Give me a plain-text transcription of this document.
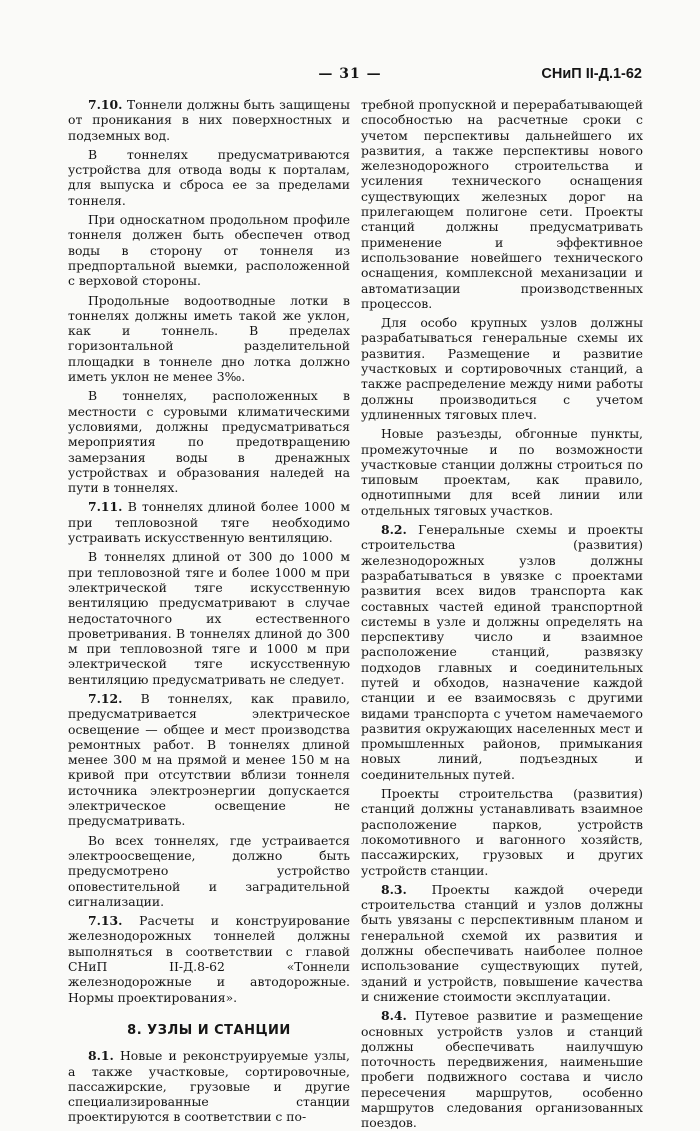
— 31 —	СНиП II-Д.1-62

7.10. Тоннели должны быть защищены от проникания в них поверхностных и подземных вод.

В тоннелях предусматриваются устройства для отвода воды к порталам, для выпуска и сброса ее за пределами тоннеля.

При односкатном продольном профиле тоннеля должен быть обеспечен отвод воды в сторону от тоннеля из предпортальной выемки, расположенной с верховой стороны.

Продольные водоотводные лотки в тоннелях должны иметь такой же уклон, как и тоннель. В пределах горизонтальной разделительной площадки в тоннеле дно лотка должно иметь уклон не менее 3‰.

В тоннелях, расположенных в местности с суровыми климатическими условиями, должны предусматриваться мероприятия по предотвращению замерзания воды в дренажных устройствах и образования наледей на пути в тоннелях.

7.11. В тоннелях длиной более 1000 м при тепловозной тяге необходимо устраивать искусственную вентиляцию.

В тоннелях длиной от 300 до 1000 м при тепловозной тяге и более 1000 м при электрической тяге искусственную вентиляцию предусматривают в случае недостаточного их естественного проветривания. В тоннелях длиной до 300 м при тепловозной тяге и 1000 м при электрической тяге искусственную вентиляцию предусматривать не следует.

7.12. В тоннелях, как правило, предусматривается электрическое освещение — общее и мест производства ремонтных работ. В тоннелях длиной менее 300 м на прямой и менее 150 м на кривой при отсутствии вблизи тоннеля источника электроэнергии допускается электрическое освещение не предусматривать.

Во всех тоннелях, где устраивается электроосвещение, должно быть предусмотрено устройство оповестительной и заградительной сигнализации.

7.13. Расчеты и конструирование железнодорожных тоннелей должны выполняться в соответствии с главой СНиП II-Д.8-62 «Тоннели железнодорожные и автодорожные. Нормы проектирования».

8. УЗЛЫ И СТАНЦИИ

8.1. Новые и реконструируемые узлы, а также участковые, сортировочные, пассажирские, грузовые и другие специализированные станции проектируются в соответствии с по-

требной пропускной и перерабатывающей способностью на расчетные сроки с учетом перспективы дальнейшего их развития, а также перспективы нового железнодорожного строительства и усиления технического оснащения существующих железных дорог на прилегающем полигоне сети. Проекты станций должны предусматривать применение и эффективное использование новейшего технического оснащения, комплексной механизации и автоматизации производственных процессов.

Для особо крупных узлов должны разрабатываться генеральные схемы их развития. Размещение и развитие участковых и сортировочных станций, а также распределение между ними работы должны производиться с учетом удлиненных тяговых плеч.

Новые разъезды, обгонные пункты, промежуточные и по возможности участковые станции должны строиться по типовым проектам, как правило, однотипными для всей линии или отдельных тяговых участков.

8.2. Генеральные схемы и проекты строительства (развития) железнодорожных узлов должны разрабатываться в увязке с проектами развития всех видов транспорта как составных частей единой транспортной системы в узле и должны определять на перспективу число и взаимное расположение станций, развязку подходов главных и соединительных путей и обходов, назначение каждой станции и ее взаимосвязь с другими видами транспорта с учетом намечаемого развития окружающих населенных мест и промышленных районов, примыкания новых линий, подъездных и соединительных путей.

Проекты строительства (развития) станций должны устанавливать взаимное расположение парков, устройств локомотивного и вагонного хозяйств, пассажирских, грузовых и других устройств станции.

8.3. Проекты каждой очереди строительства станций и узлов должны быть увязаны с перспективным планом и генеральной схемой их развития и должны обеспечивать наиболее полное использование существующих путей, зданий и устройств, повышение качества и снижение стоимости эксплуатации.

8.4. Путевое развитие и размещение основных устройств узлов и станций должны обеспечивать наилучшую поточность передвижения, наименьшие пробеги подвижного состава и число пересечения маршрутов, особенно маршрутов следования организованных поездов.
